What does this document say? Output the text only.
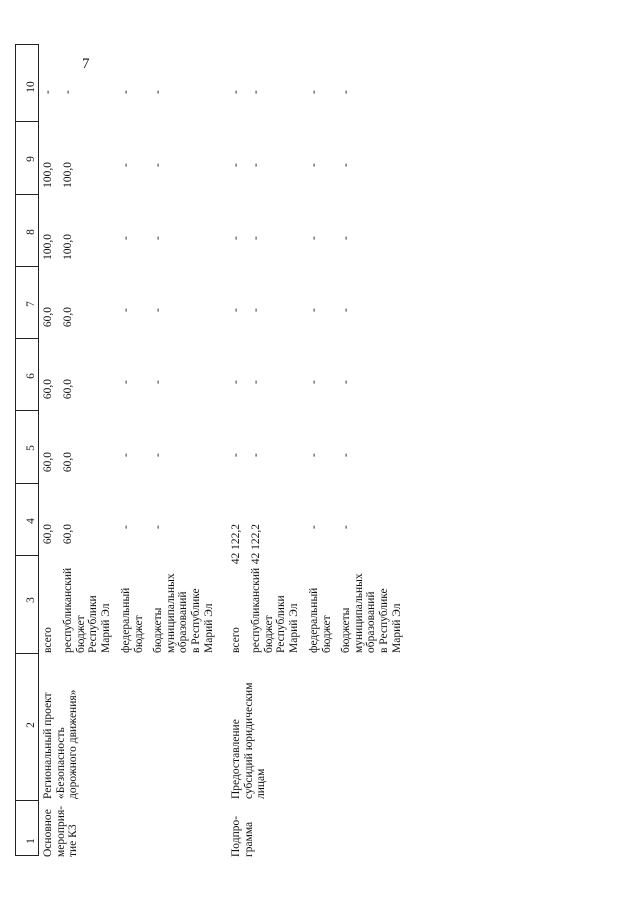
7
1
2
3
4
5
6
7
8
9
10
Основное мероприя- тие К3
Региональный проект «Безопасность дорожного движения»
всего
60,0
60,0
60,0
60,0
100,0
100,0
-
республиканский бюджет Республики Марий Эл
60,0
60,0
60,0
60,0
100,0
100,0
-
федеральный бюджет
-
-
-
-
-
-
-
бюджеты муниципальных образований в Республике Марий Эл
-
-
-
-
-
-
-
Подпро- грамма
Предоставление субсидий юридическим лицам
всего
42 122,2
-
-
-
-
-
-
республиканский бюджет Республики Марий Эл
42 122,2
-
-
-
-
-
-
федеральный бюджет
-
-
-
-
-
-
-
бюджеты муниципальных образований в Республике Марий Эл
-
-
-
-
-
-
-
